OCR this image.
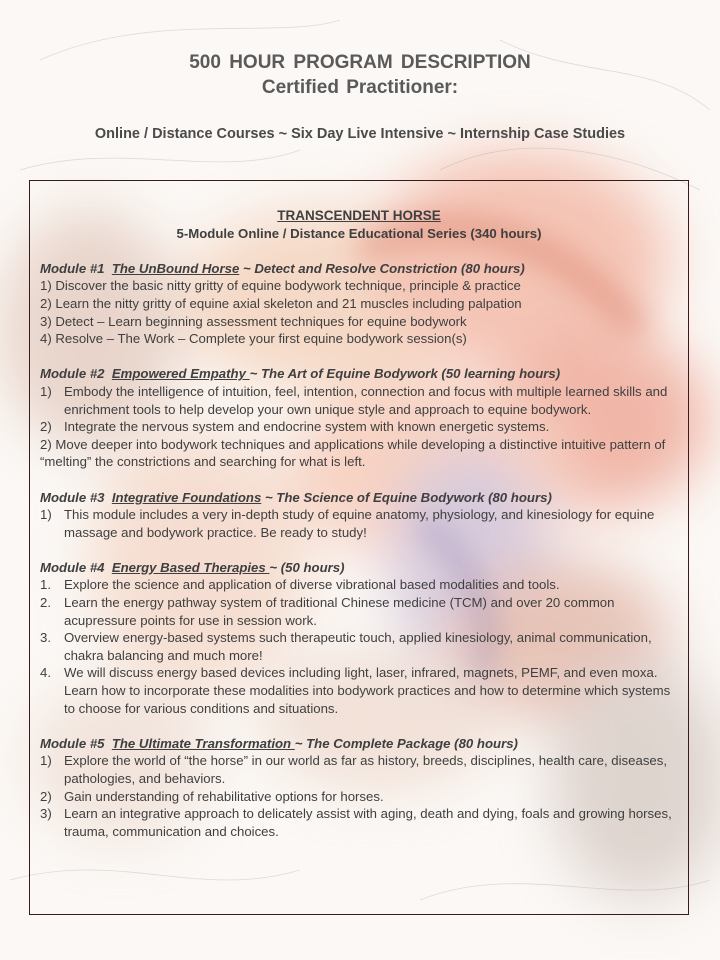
500 HOUR PROGRAM DESCRIPTION
Certified Practitioner:
Online / Distance Courses ~ Six Day Live Intensive ~ Internship Case Studies
TRANSCENDENT HORSE
5-Module Online / Distance Educational Series (340 hours)
Module #1 The UnBound Horse ~ Detect and Resolve Constriction (80 hours)
1) Discover the basic nitty gritty of equine bodywork technique, principle & practice
2) Learn the nitty gritty of equine axial skeleton and 21 muscles including palpation
3) Detect – Learn beginning assessment techniques for equine bodywork
4) Resolve – The Work – Complete your first equine bodywork session(s)
Module #2 Empowered Empathy ~ The Art of Equine Bodywork (50 learning hours)
1) Embody the intelligence of intuition, feel, intention, connection and focus with multiple learned skills and enrichment tools to help develop your own unique style and approach to equine bodywork.
2) Integrate the nervous system and endocrine system with known energetic systems.
2) Move deeper into bodywork techniques and applications while developing a distinctive intuitive pattern of “melting” the constrictions and searching for what is left.
Module #3 Integrative Foundations ~ The Science of Equine Bodywork (80 hours)
1) This module includes a very in-depth study of equine anatomy, physiology, and kinesiology for equine massage and bodywork practice. Be ready to study!
Module #4 Energy Based Therapies ~ (50 hours)
1. Explore the science and application of diverse vibrational based modalities and tools.
2. Learn the energy pathway system of traditional Chinese medicine (TCM) and over 20 common acupressure points for use in session work.
3. Overview energy-based systems such therapeutic touch, applied kinesiology, animal communication, chakra balancing and much more!
4. We will discuss energy based devices including light, laser, infrared, magnets, PEMF, and even moxa. Learn how to incorporate these modalities into bodywork practices and how to determine which systems to choose for various conditions and situations.
Module #5 The Ultimate Transformation ~ The Complete Package (80 hours)
1) Explore the world of “the horse” in our world as far as history, breeds, disciplines, health care, diseases, pathologies, and behaviors.
2) Gain understanding of rehabilitative options for horses.
3) Learn an integrative approach to delicately assist with aging, death and dying, foals and growing horses, trauma, communication and choices.
